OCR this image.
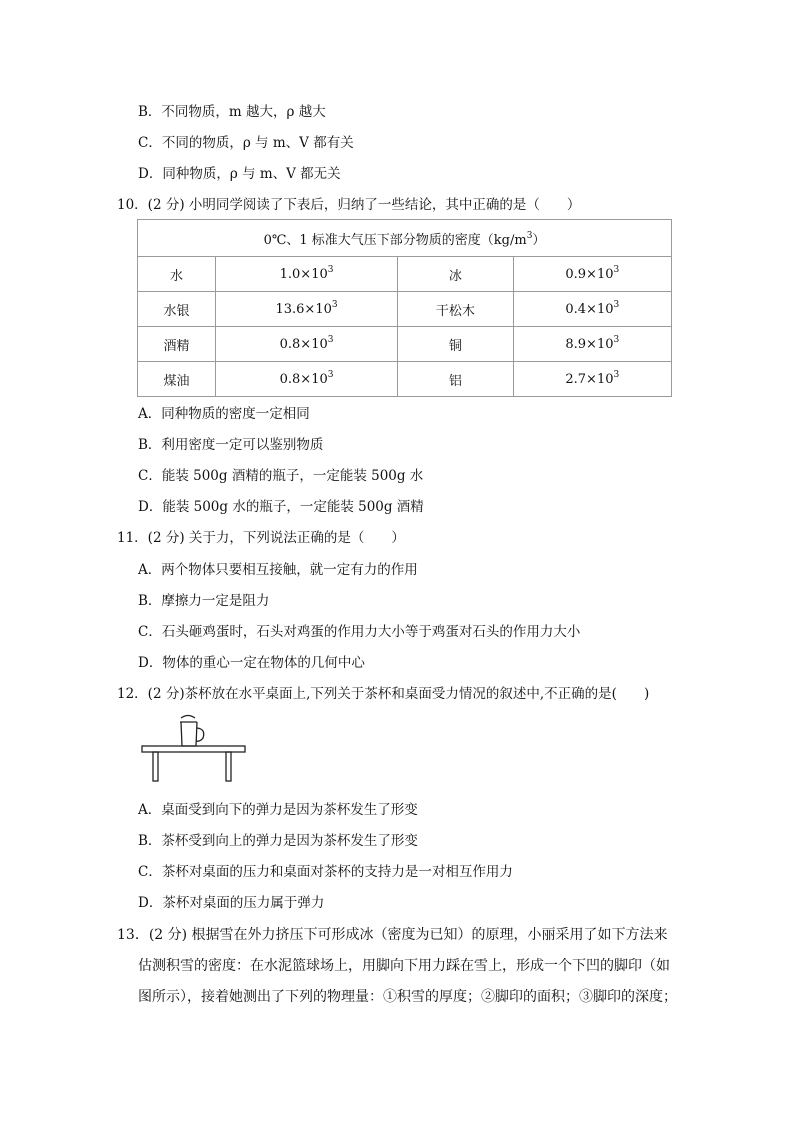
B．不同物质，m 越大，ρ 越大
C．不同的物质，ρ 与 m、V 都有关
D．同种物质，ρ 与 m、V 都无关
10．(2 分) 小明同学阅读了下表后，归纳了一些结论，其中正确的是（　　）
0℃、1 标准大气压下部分物质的密度$(kg/m^3)$			
水	$1.0\times 10^3$	冰	$0.9\times 10^3$
水银	$13.6\times 10^3$	干松木	$0.4\times 10^3$
酒精	$0.8\times 10^3$	铜	$8.9\times 10^3$
煤油	$0.8\times 10^3$	铝	$2.7\times 10^3$
A．同种物质的密度一定相同
B．利用密度一定可以鉴别物质
C．能装 500g 酒精的瓶子，一定能装 500g 水
D．能装 500g 水的瓶子，一定能装 500g 酒精
11．(2 分) 关于力，下列说法正确的是（　　）
A．两个物体只要相互接触，就一定有力的作用
B．摩擦力一定是阻力
C．石头砸鸡蛋时，石头对鸡蛋的作用力大小等于鸡蛋对石头的作用力大小
D．物体的重心一定在物体的几何中心
12．(2 分)茶杯放在水平桌面上,下列关于茶杯和桌面受力情况的叙述中,不正确的是(　　)
A．桌面受到向下的弹力是因为茶杯发生了形变
B．茶杯受到向上的弹力是因为茶杯发生了形变
C．茶杯对桌面的压力和桌面对茶杯的支持力是一对相互作用力
D．茶杯对桌面的压力属于弹力
13．(2 分) 根据雪在外力挤压下可形成冰（密度为已知）的原理，小丽采用了如下方法来
估测积雪的密度：在水泥篮球场上，用脚向下用力踩在雪上，形成一个下凹的脚印（如
图所示），接着她测出了下列的物理量：①积雪的厚度；②脚印的面积；③脚印的深度；
